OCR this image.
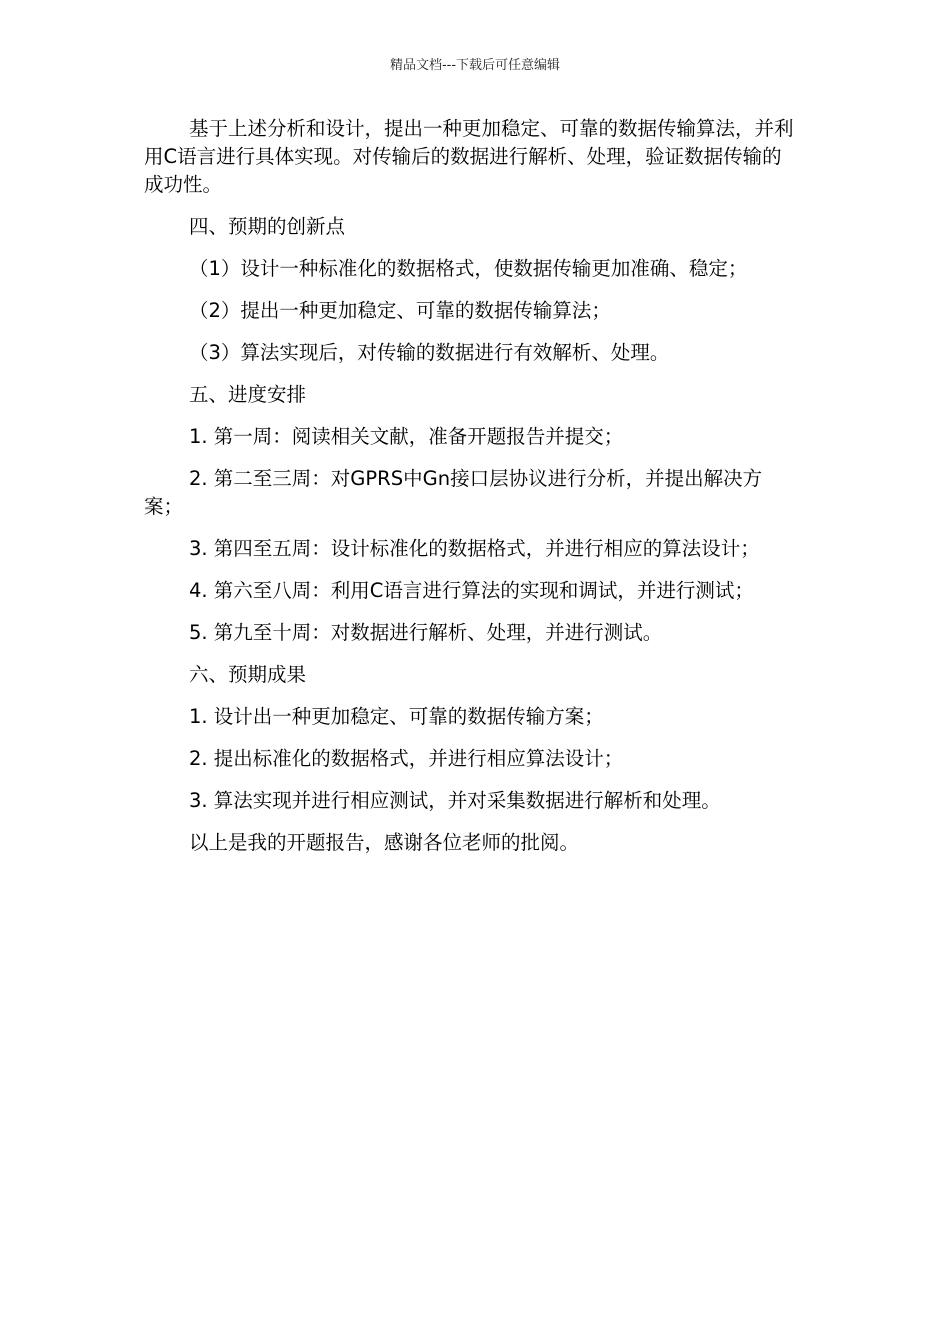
精品文档---下载后可任意编辑

基于上述分析和设计，提出一种更加稳定、可靠的数据传输算法，并利用C语言进行具体实现。对传输后的数据进行解析、处理，验证数据传输的成功性。

四、预期的创新点

（1）设计一种标准化的数据格式，使数据传输更加准确、稳定；

（2）提出一种更加稳定、可靠的数据传输算法；

（3）算法实现后，对传输的数据进行有效解析、处理。

五、进度安排

1. 第一周：阅读相关文献，准备开题报告并提交；

2. 第二至三周：对GPRS中Gn接口层协议进行分析，并提出解决方案；

3. 第四至五周：设计标准化的数据格式，并进行相应的算法设计；

4. 第六至八周：利用C语言进行算法的实现和调试，并进行测试；

5. 第九至十周：对数据进行解析、处理，并进行测试。

六、预期成果

1. 设计出一种更加稳定、可靠的数据传输方案；

2. 提出标准化的数据格式，并进行相应算法设计；

3. 算法实现并进行相应测试，并对采集数据进行解析和处理。

以上是我的开题报告，感谢各位老师的批阅。
